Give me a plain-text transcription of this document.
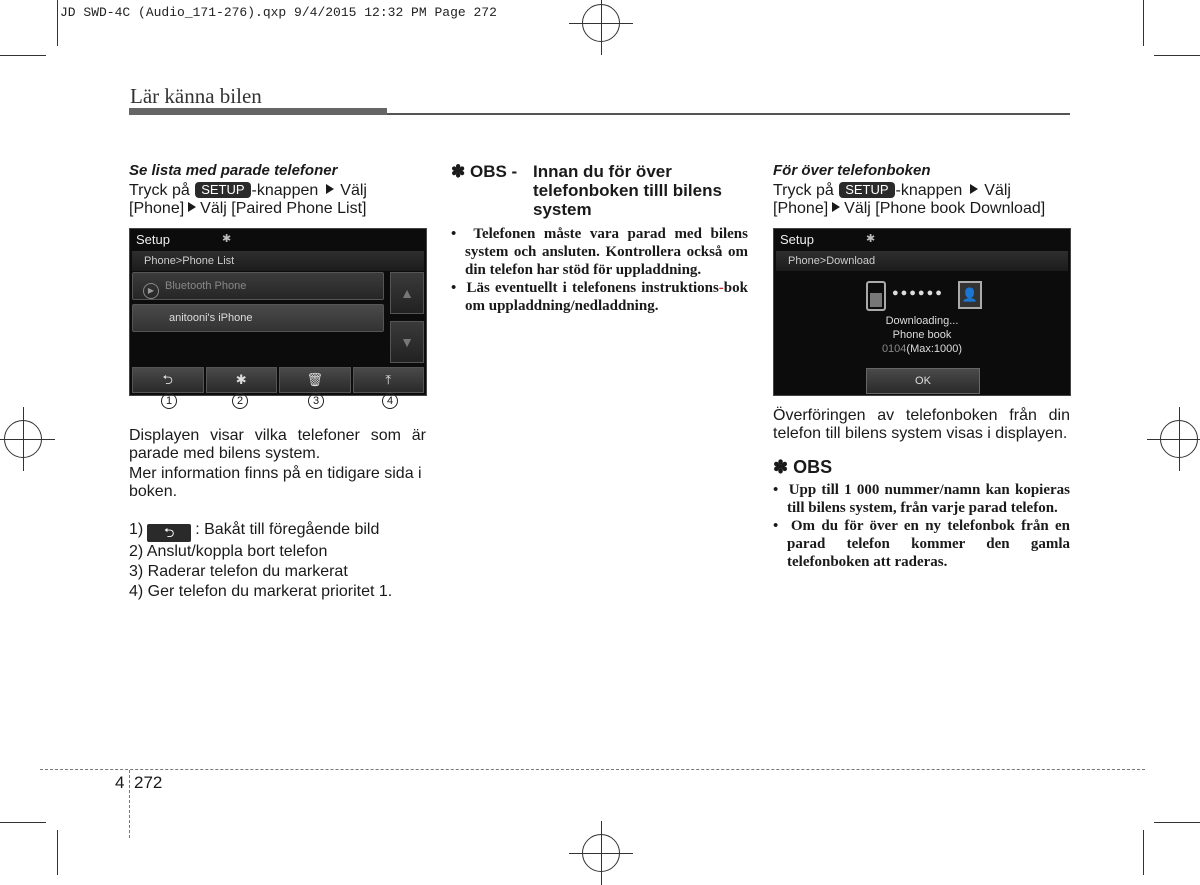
JD SWD-4C (Audio_171-276).qxp 9/4/2015 12:32 PM Page 272
Lär känna bilen
Se lista med parade telefoner
Tryck på SETUP -knappen Välj
[Phone] Välj [Paired Phone List]
Setup	✱
Phone>Phone List
▶ Bluetooth Phone
anitooni's iPhone
▲
▼
⮌	✱	🗑	⤒
1	2	3	4
Displayen visar vilka telefoner som är parade med bilens system.
Mer information finns på en tidigare sida i boken.
1) ⮌ : Bakåt till föregående bild
2) Anslut/koppla bort telefon
3) Raderar telefon du markerat
4) Ger telefon du markerat prioritet 1.
✽ OBS - Innan du för över
telefonboken tilll bilens
system

•  Telefonen måste vara parad med bilens system och ansluten. Kontrollera också om din telefon har stöd för uppladdning.

•  Läs eventuellt i telefonens instruktions-bok om uppladdning/nedladdning.

För över telefonboken
Tryck på SETUP -knappen Välj
[Phone] Välj [Phone book Download]
Setup	✱
Phone>Download
●●●●●●	👤
Downloading...
Phone book
0104(Max:1000)
OK
Överföringen av telefonboken från din telefon till bilens system visas i displayen.
✽ OBS

•  Upp till 1 000 nummer/namn kan kopieras till bilens system, från varje parad telefon.

•  Om du för över en ny telefonbok från en parad telefon kommer den gamla telefonboken att raderas.

4 272
